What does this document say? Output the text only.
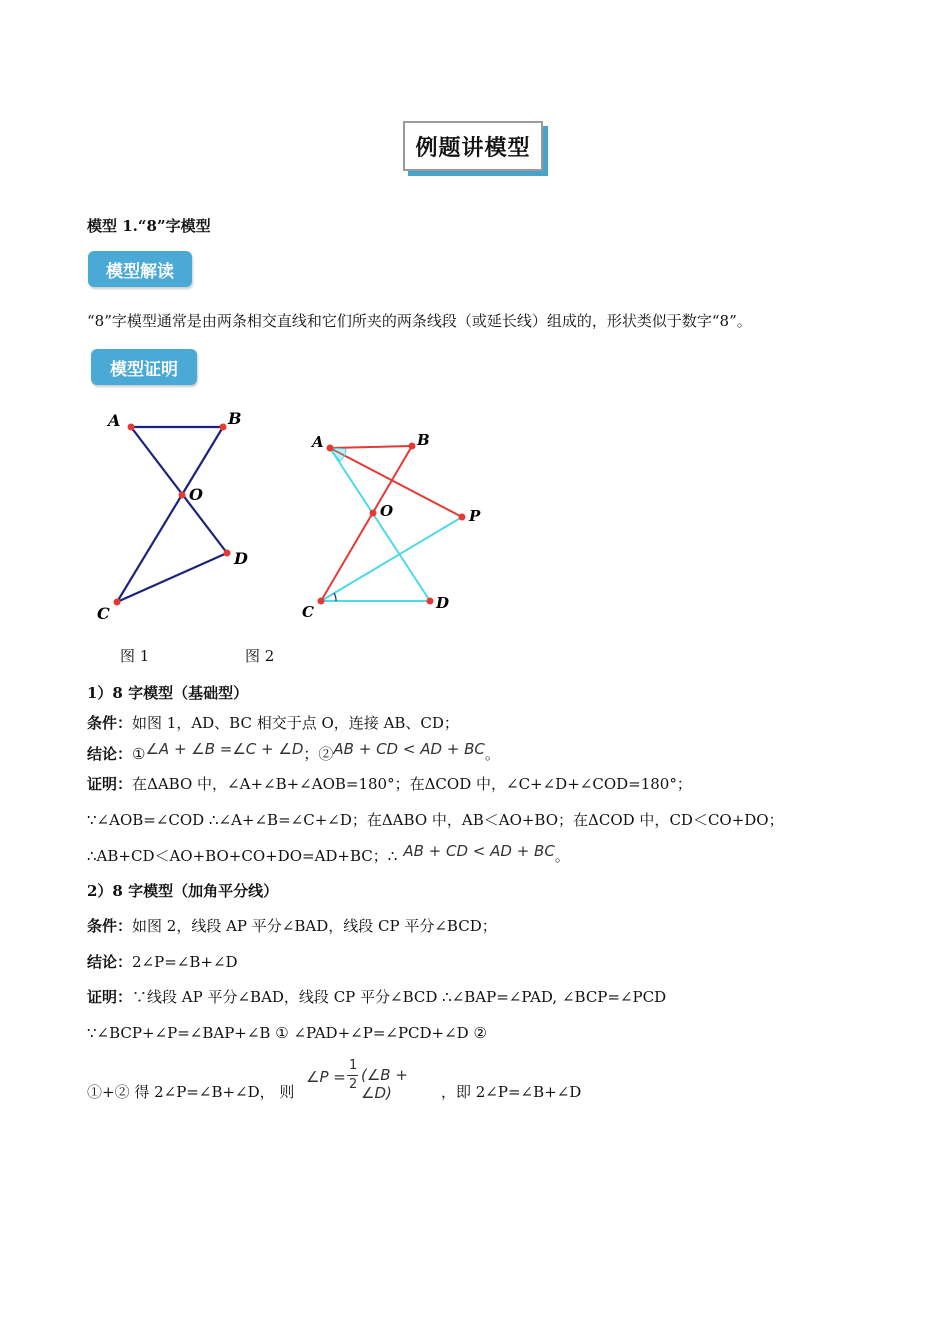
例题讲模型
模型 1.“8”字模型
模型解读
“8”字模型通常是由两条相交直线和它们所夹的两条线段（或延长线）组成的，形状类似于数字“8”。
模型证明
A	B
O
D
C
A	B
O	P
C	D
图 1	图 2
1）8 字模型（基础型）
条件：如图 1，AD、BC 相交于点 O，连接 AB、CD；
结论：①∠A + ∠B =∠C + ∠D；②AB + CD < AD + BC。
证明：在ΔABO 中，∠A+∠B+∠AOB=180°；在ΔCOD 中，∠C+∠D+∠COD=180°；
∵∠AOB=∠COD ∴∠A+∠B=∠C+∠D；在ΔABO 中，AB＜AO+BO；在ΔCOD 中，CD＜CO+DO；
∴AB+CD＜AO+BO+CO+DO=AD+BC；∴ AB + CD < AD + BC。
2）8 字模型（加角平分线）
条件：如图 2，线段 AP 平分∠BAD，线段 CP 平分∠BCD；
结论：2∠P=∠B+∠D
证明：∵线段 AP 平分∠BAD，线段 CP 平分∠BCD ∴∠BAP=∠PAD, ∠BCP=∠PCD
∵∠BCP+∠P=∠BAP+∠B ① ∠PAD+∠P=∠PCD+∠D ②
①+② 得 2∠P=∠B+∠D， 则
∠P =
1
2
(∠B + ∠D)	，即 2∠P=∠B+∠D
